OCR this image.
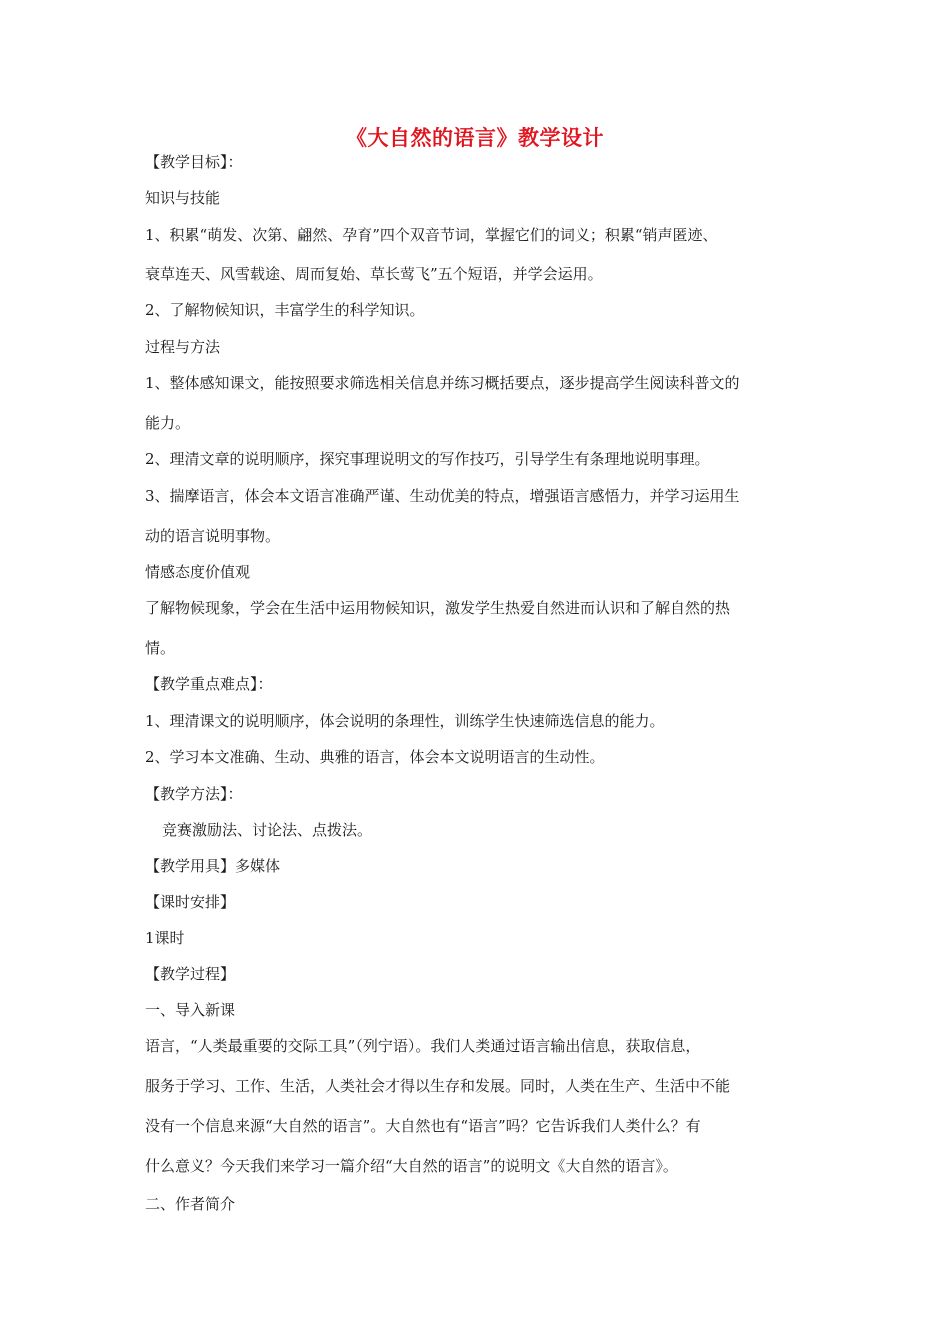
《大自然的语言》教学设计
【教学目标】：
知识与技能
1、积累“萌发、次第、翩然、孕育”四个双音节词，掌握它们的词义；积累“销声匿迹、
衰草连天、风雪载途、周而复始、草长莺飞”五个短语，并学会运用。
2、了解物候知识，丰富学生的科学知识。
过程与方法
1、整体感知课文，能按照要求筛选相关信息并练习概括要点，逐步提高学生阅读科普文的
能力。
2、理清文章的说明顺序，探究事理说明文的写作技巧，引导学生有条理地说明事理。
3、揣摩语言，体会本文语言准确严谨、生动优美的特点，增强语言感悟力，并学习运用生
动的语言说明事物。
情感态度价值观
了解物候现象，学会在生活中运用物候知识，激发学生热爱自然进而认识和了解自然的热
情。
【教学重点难点】：
1、理清课文的说明顺序，体会说明的条理性，训练学生快速筛选信息的能力。
2、学习本文准确、生动、典雅的语言，体会本文说明语言的生动性。
【教学方法】：
竞赛激励法、讨论法、点拨法。
【教学用具】多媒体
【课时安排】
1课时
【教学过程】
一、导入新课
语言，“人类最重要的交际工具”（列宁语）。我们人类通过语言输出信息，获取信息，
服务于学习、工作、生活，人类社会才得以生存和发展。同时，人类在生产、生活中不能
没有一个信息来源“大自然的语言”。大自然也有“语言”吗？它告诉我们人类什么？有
什么意义？今天我们来学习一篇介绍“大自然的语言”的说明文《大自然的语言》。
二、作者简介
